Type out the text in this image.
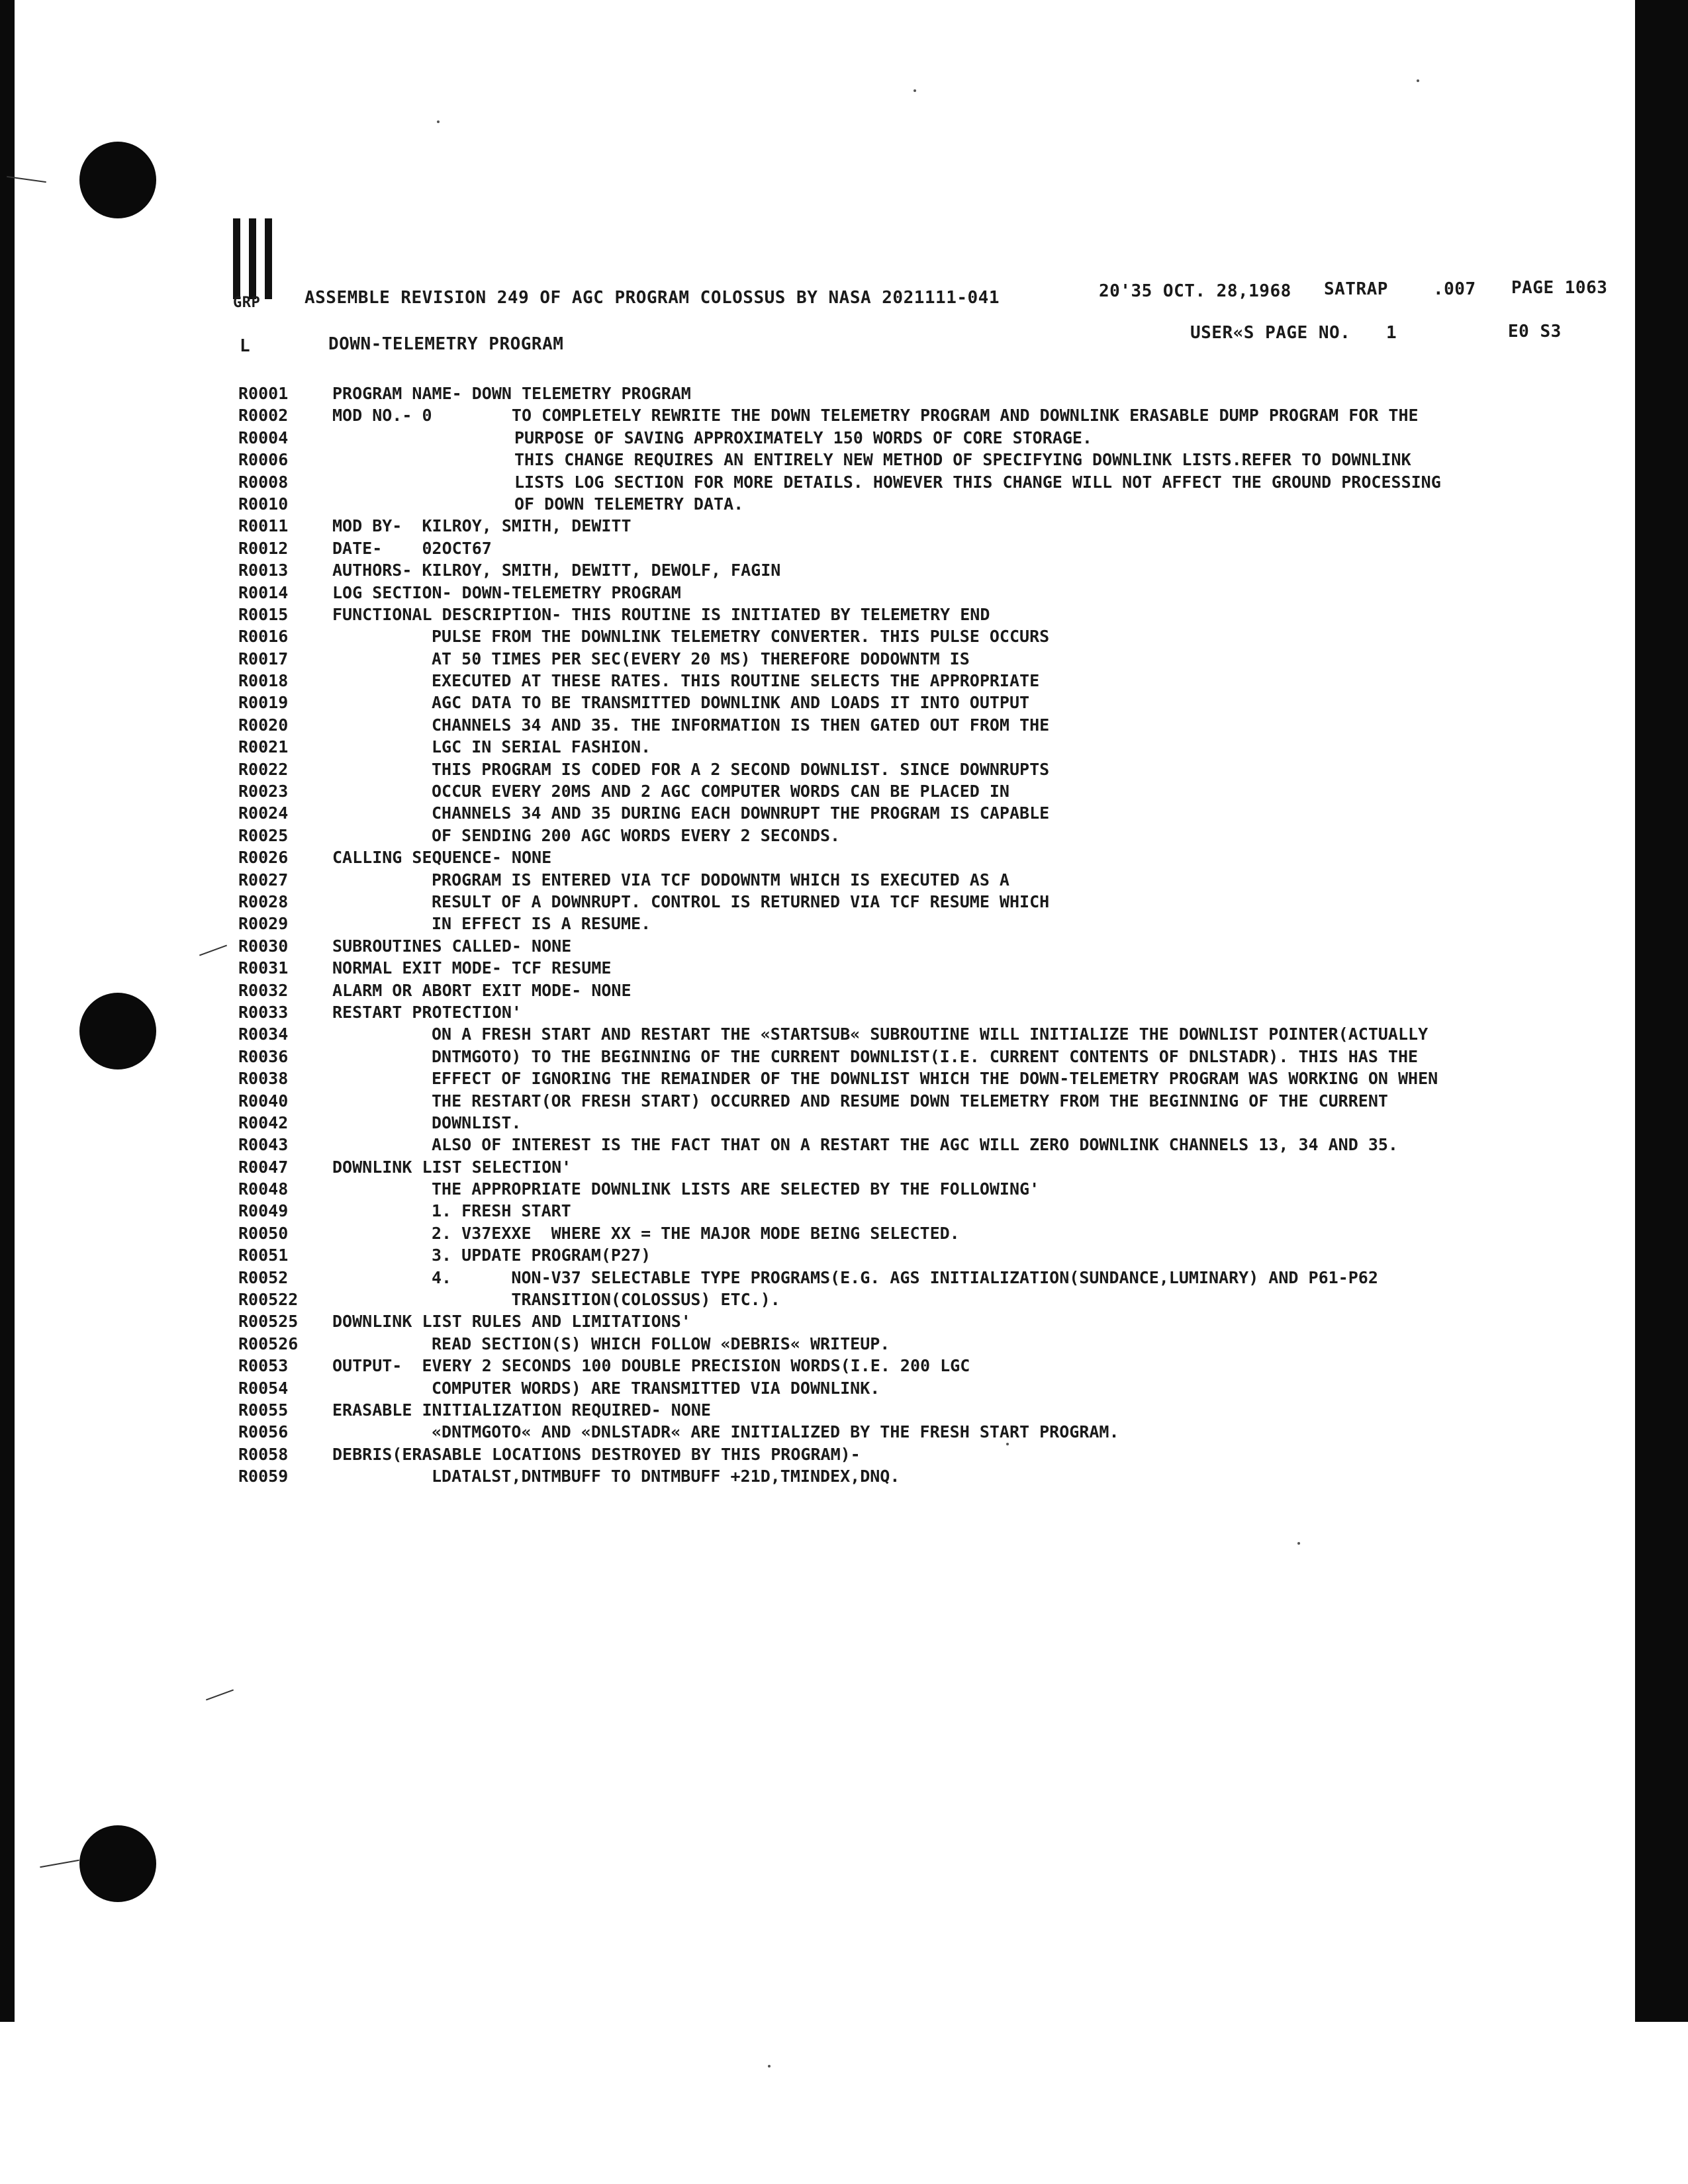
GRP	ASSEMBLE REVISION 249 OF AGC PROGRAM COLOSSUS BY NASA 2021111-041	20'35 OCT. 28,1968 SATRAP	.007 PAGE 1063
L	DOWN-TELEMETRY PROGRAM
USER«S PAGE NO. 1	E0 S3
R0001	PROGRAM NAME- DOWN TELEMETRY PROGRAM
R0002	MOD NO.- 0        TO COMPLETELY REWRITE THE DOWN TELEMETRY PROGRAM AND DOWNLINK ERASABLE DUMP PROGRAM FOR THE
R0004	PURPOSE OF SAVING APPROXIMATELY 150 WORDS OF CORE STORAGE.
R0006	THIS CHANGE REQUIRES AN ENTIRELY NEW METHOD OF SPECIFYING DOWNLINK LISTS.REFER TO DOWNLINK
R0008	LISTS LOG SECTION FOR MORE DETAILS. HOWEVER THIS CHANGE WILL NOT AFFECT THE GROUND PROCESSING
R0010	OF DOWN TELEMETRY DATA.
R0011	MOD BY-  KILROY, SMITH, DEWITT
R0012	DATE-    02OCT67
R0013	AUTHORS- KILROY, SMITH, DEWITT, DEWOLF, FAGIN
R0014	LOG SECTION- DOWN-TELEMETRY PROGRAM
R0015	FUNCTIONAL DESCRIPTION- THIS ROUTINE IS INITIATED BY TELEMETRY END
R0016	PULSE FROM THE DOWNLINK TELEMETRY CONVERTER. THIS PULSE OCCURS
R0017	AT 50 TIMES PER SEC(EVERY 20 MS) THEREFORE DODOWNTM IS
R0018	EXECUTED AT THESE RATES. THIS ROUTINE SELECTS THE APPROPRIATE
R0019	AGC DATA TO BE TRANSMITTED DOWNLINK AND LOADS IT INTO OUTPUT
R0020	CHANNELS 34 AND 35. THE INFORMATION IS THEN GATED OUT FROM THE
R0021	LGC IN SERIAL FASHION.
R0022	THIS PROGRAM IS CODED FOR A 2 SECOND DOWNLIST. SINCE DOWNRUPTS
R0023	OCCUR EVERY 20MS AND 2 AGC COMPUTER WORDS CAN BE PLACED IN
R0024	CHANNELS 34 AND 35 DURING EACH DOWNRUPT THE PROGRAM IS CAPABLE
R0025	OF SENDING 200 AGC WORDS EVERY 2 SECONDS.
R0026	CALLING SEQUENCE- NONE
R0027	PROGRAM IS ENTERED VIA TCF DODOWNTM WHICH IS EXECUTED AS A
R0028	RESULT OF A DOWNRUPT. CONTROL IS RETURNED VIA TCF RESUME WHICH
R0029	IN EFFECT IS A RESUME.
R0030	SUBROUTINES CALLED- NONE
R0031	NORMAL EXIT MODE- TCF RESUME
R0032	ALARM OR ABORT EXIT MODE- NONE
R0033	RESTART PROTECTION'
R0034	ON A FRESH START AND RESTART THE «STARTSUB« SUBROUTINE WILL INITIALIZE THE DOWNLIST POINTER(ACTUALLY
R0036	DNTMGOTO) TO THE BEGINNING OF THE CURRENT DOWNLIST(I.E. CURRENT CONTENTS OF DNLSTADR). THIS HAS THE
R0038	EFFECT OF IGNORING THE REMAINDER OF THE DOWNLIST WHICH THE DOWN-TELEMETRY PROGRAM WAS WORKING ON WHEN
R0040	THE RESTART(OR FRESH START) OCCURRED AND RESUME DOWN TELEMETRY FROM THE BEGINNING OF THE CURRENT
R0042	DOWNLIST.
R0043	ALSO OF INTEREST IS THE FACT THAT ON A RESTART THE AGC WILL ZERO DOWNLINK CHANNELS 13, 34 AND 35.
R0047	DOWNLINK LIST SELECTION'
R0048	THE APPROPRIATE DOWNLINK LISTS ARE SELECTED BY THE FOLLOWING'
R0049	1. FRESH START
R0050	2. V37EXXE  WHERE XX = THE MAJOR MODE BEING SELECTED.
R0051	3. UPDATE PROGRAM(P27)
R0052	4.      NON-V37 SELECTABLE TYPE PROGRAMS(E.G. AGS INITIALIZATION(SUNDANCE,LUMINARY) AND P61-P62
R00522	TRANSITION(COLOSSUS) ETC.).
R00525	DOWNLINK LIST RULES AND LIMITATIONS'
R00526	READ SECTION(S) WHICH FOLLOW «DEBRIS« WRITEUP.
R0053	OUTPUT-  EVERY 2 SECONDS 100 DOUBLE PRECISION WORDS(I.E. 200 LGC
R0054	COMPUTER WORDS) ARE TRANSMITTED VIA DOWNLINK.
R0055	ERASABLE INITIALIZATION REQUIRED- NONE
R0056	«DNTMGOTO« AND «DNLSTADR« ARE INITIALIZED BY THE FRESH START PROGRAM.
R0058	DEBRIS(ERASABLE LOCATIONS DESTROYED BY THIS PROGRAM)-
R0059	LDATALST,DNTMBUFF TO DNTMBUFF +21D,TMINDEX,DNQ.
